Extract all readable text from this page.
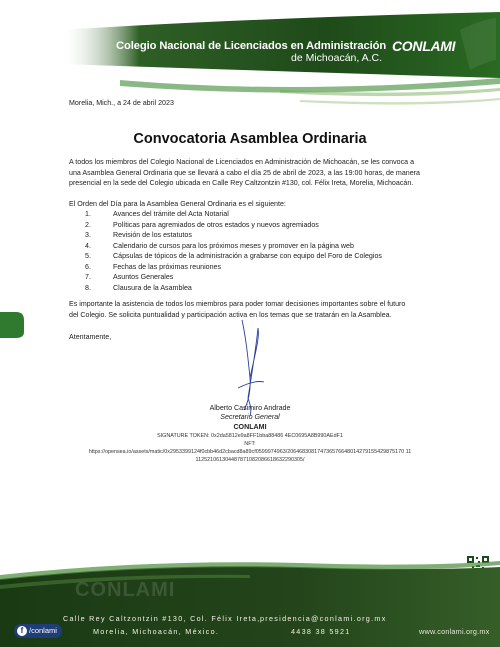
Colegio Nacional de Licenciados en Administración
de Michoacán, A.C.
CONLAMI
Morelia, Mich., a 24 de abril 2023
Convocatoria Asamblea Ordinaria
A todos los miembros del Colegio Nacional de Licenciados en Administración de Michoacán, se les convoca a
una Asamblea General Ordinaria que se llevará a cabo el día 25 de abril de 2023, a las 19:00 horas, de manera
presencial en la sede del Colegio ubicada en Calle Rey Caltzontzin #130, col. Félix Ireta, Morelia, Michoacán.
El Orden del Día para la Asamblea General Ordinaria es el siguiente:
1.	Avances del trámite del Acta Notarial
2.	Políticas para agremiados de otros estados y nuevos agremiados
3.	Revisión de los estatutos
4.	Calendario de cursos para los próximos meses y promover en la página web
5.	Cápsulas de tópicos de la administración a grabarse con equipo del Foro de Colegios
6.	Fechas de las próximas reuniones
7.	Asuntos Generales
8.	Clausura de la Asamblea
Es importante la asistencia de todos los miembros para poder tomar decisiones importantes sobre el futuro
del Colegio. Se solicita puntualidad y participación activa en los temas que se tratarán en la Asamblea.
Atentamente,
Alberto Casimiro Andrade
Secretario General
CONLAMI
SIGNATURE TOKEN: 0x2da5812e9a8FF1bba88486 4EC0695A8B990AEdF1
NFT:
https://opensea.io/assets/matic/0x2953399124f0cbb46d2cbacd8a89cf0599974963/206468308174736576648014279155429875170 11
112521061304487871082086618632290305/
CONLAMI
Calle Rey Caltzontzin #130, Col. Félix Ireta,
Morelia, Michoacán, México.
presidencia@conlami.org.mx
4438 38 5921
f /conlami	www.conlami.org.mx
